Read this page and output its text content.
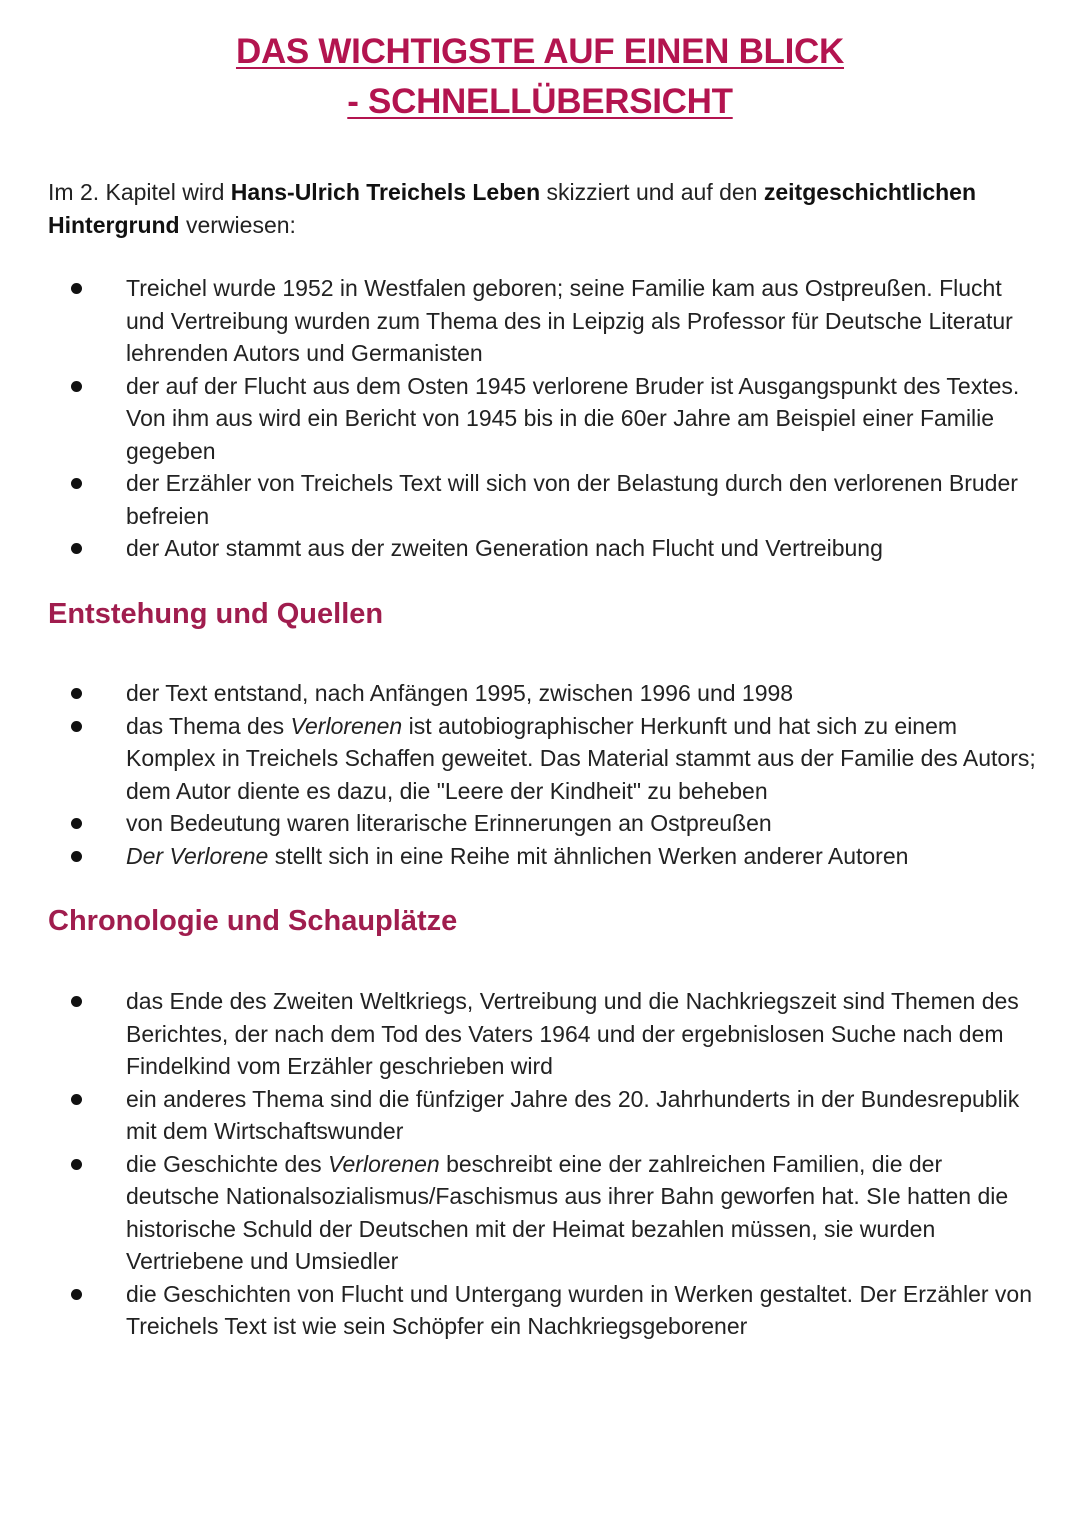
DAS WICHTIGSTE AUF EINEN BLICK
- SCHNELLÜBERSICHT

Im 2. Kapitel wird Hans-Ulrich Treichels Leben skizziert und auf den zeitgeschichtlichen Hintergrund verwiesen:

Treichel wurde 1952 in Westfalen geboren; seine Familie kam aus Ostpreußen. Flucht und Vertreibung wurden zum Thema des in Leipzig als Professor für Deutsche Literatur lehrenden Autors und Germanisten
der auf der Flucht aus dem Osten 1945 verlorene Bruder ist Ausgangspunkt des Textes. Von ihm aus wird ein Bericht von 1945 bis in die 60er Jahre am Beispiel einer Familie gegeben
der Erzähler von Treichels Text will sich von der Belastung durch den verlorenen Bruder befreien
der Autor stammt aus der zweiten Generation nach Flucht und Vertreibung
Entstehung und Quellen
der Text entstand, nach Anfängen 1995, zwischen 1996 und 1998
das Thema des Verlorenen ist autobiographischer Herkunft und hat sich zu einem Komplex in Treichels Schaffen geweitet. Das Material stammt aus der Familie des Autors; dem Autor diente es dazu, die "Leere der Kindheit" zu beheben
von Bedeutung waren literarische Erinnerungen an Ostpreußen
Der Verlorene stellt sich in eine Reihe mit ähnlichen Werken anderer Autoren
Chronologie und Schauplätze
das Ende des Zweiten Weltkriegs, Vertreibung und die Nachkriegszeit sind Themen des Berichtes, der nach dem Tod des Vaters 1964 und der ergebnislosen Suche nach dem Findelkind vom Erzähler geschrieben wird
ein anderes Thema sind die fünfziger Jahre des 20. Jahrhunderts in der Bundesrepublik mit dem Wirtschaftswunder
die Geschichte des Verlorenen beschreibt eine der zahlreichen Familien, die der deutsche Nationalsozialismus/Faschismus aus ihrer Bahn geworfen hat. SIe hatten die historische Schuld der Deutschen mit der Heimat bezahlen müssen, sie wurden Vertriebene und Umsiedler
die Geschichten von Flucht und Untergang wurden in Werken gestaltet. Der Erzähler von Treichels Text ist wie sein Schöpfer ein Nachkriegsgeborener
